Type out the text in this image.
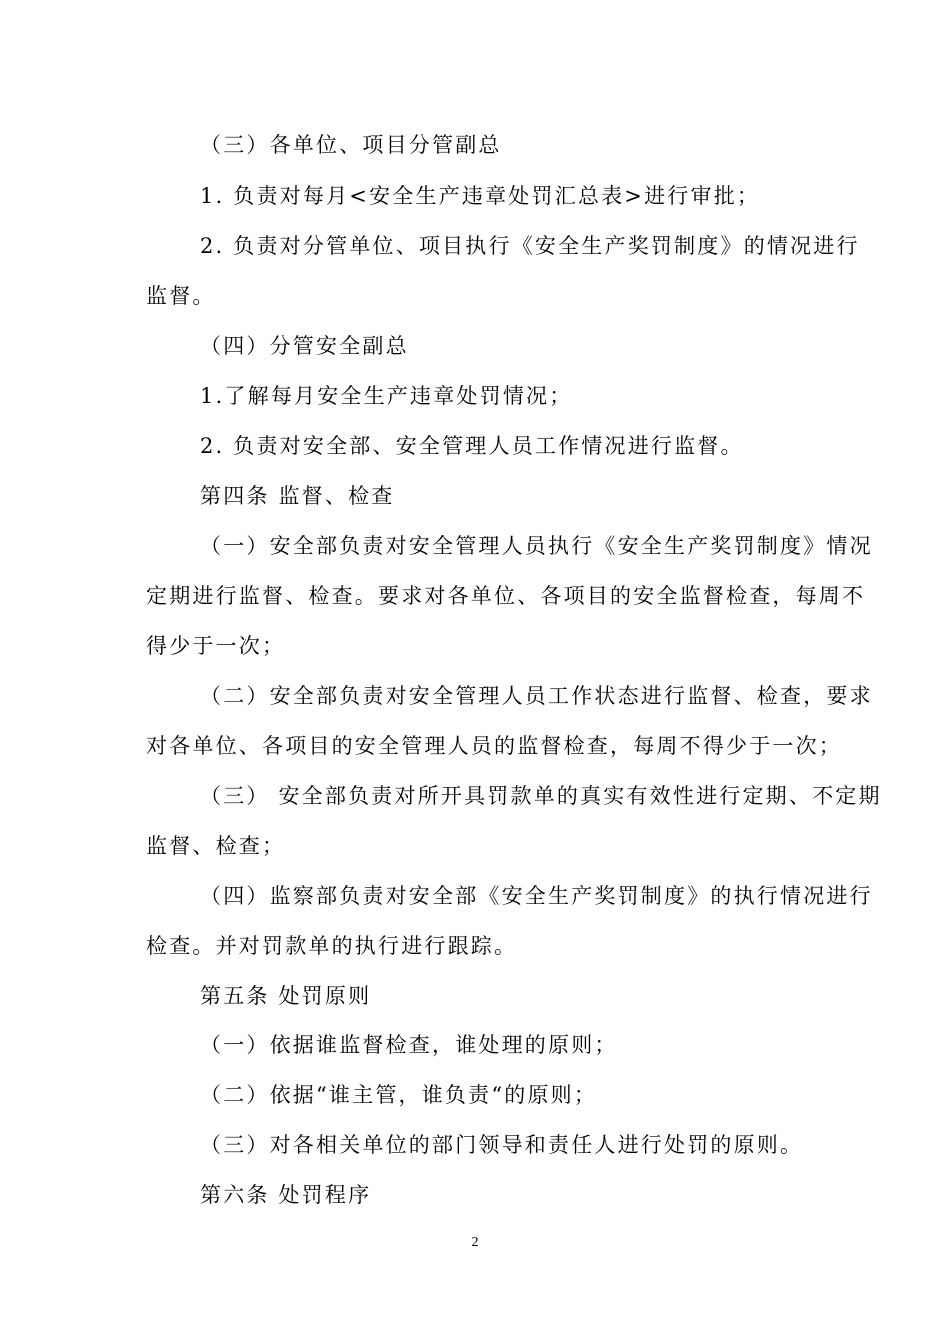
（三）各单位、项目分管副总
1. 负责对每月<安全生产违章处罚汇总表>进行审批；
2. 负责对分管单位、项目执行《安全生产奖罚制度》的情况进行
监督。
（四）分管安全副总
1.了解每月安全生产违章处罚情况；
2. 负责对安全部、安全管理人员工作情况进行监督。
第四条 监督、检查
（一）安全部负责对安全管理人员执行《安全生产奖罚制度》情况
定期进行监督、检查。要求对各单位、各项目的安全监督检查，每周不
得少于一次；
（二）安全部负责对安全管理人员工作状态进行监督、检查，要求
对各单位、各项目的安全管理人员的监督检查，每周不得少于一次；
（三） 安全部负责对所开具罚款单的真实有效性进行定期、不定期
监督、检查；
（四）监察部负责对安全部《安全生产奖罚制度》的执行情况进行
检查。并对罚款单的执行进行跟踪。
第五条 处罚原则
（一）依据谁监督检查，谁处理的原则；
（二）依据“谁主管，谁负责“的原则；
（三）对各相关单位的部门领导和责任人进行处罚的原则。
第六条 处罚程序
2
